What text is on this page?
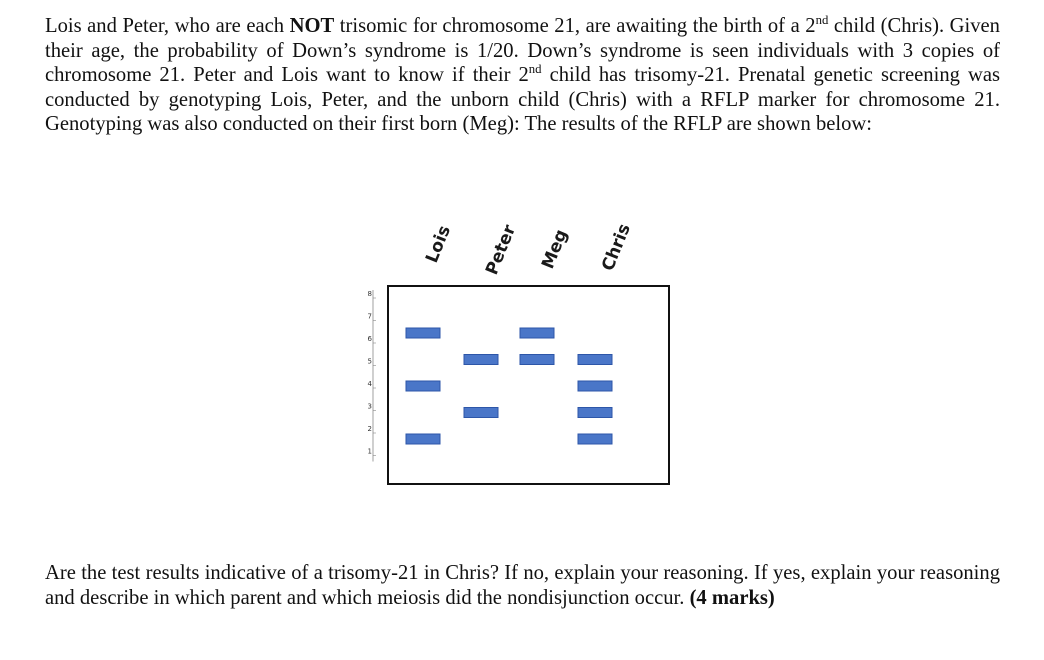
Lois and Peter, who are each NOT trisomic for chromosome 21, are awaiting the birth of a 2nd child (Chris). Given their age, the probability of Down’s syndrome is 1/20. Down’s syndrome is seen individuals with 3 copies of chromosome 21. Peter and Lois want to know if their 2nd child has trisomy-21. Prenatal genetic screening was conducted by genotyping Lois, Peter, and the unborn child (Chris) with a RFLP marker for chromosome 21. Genotyping was also conducted on their first born (Meg): The results of the RFLP are shown below:

8
7
6
5
4
3
2
1
Lois Peter Meg Chris

Are the test results indicative of a trisomy-21 in Chris? If no, explain your reasoning. If yes, explain your reasoning and describe in which parent and which meiosis did the nondisjunction occur. (4 marks)
